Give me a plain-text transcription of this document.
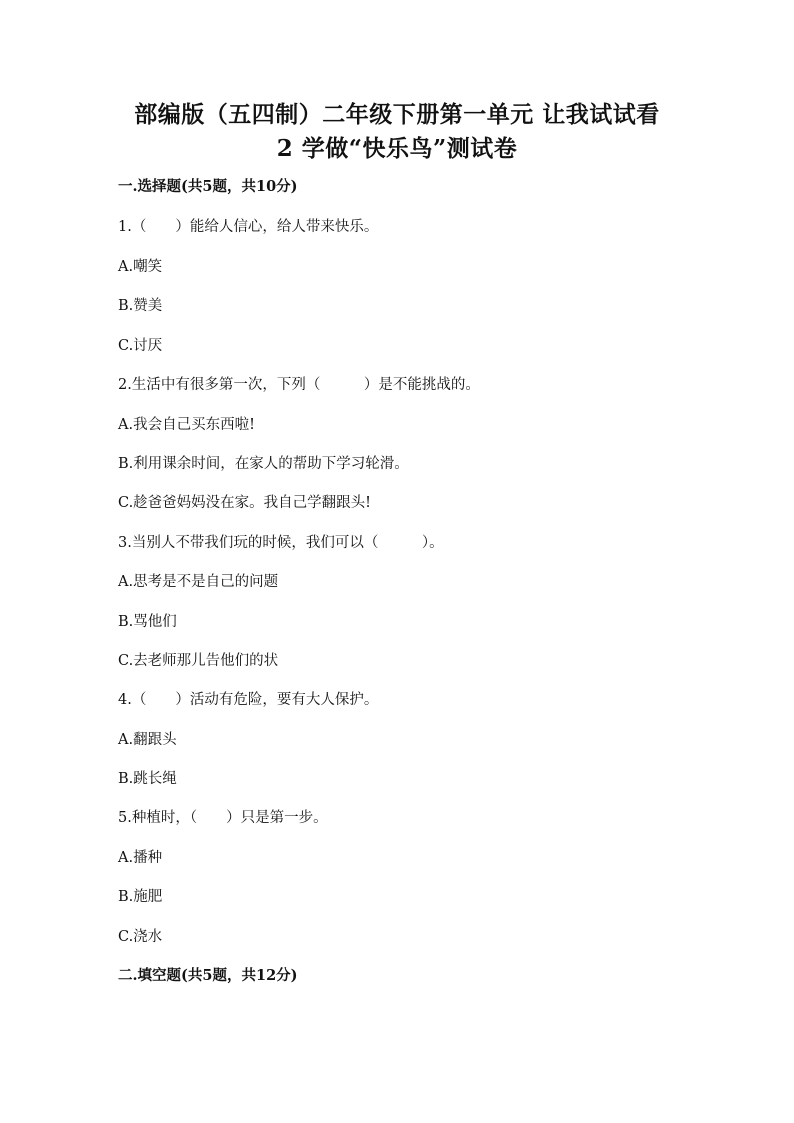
部编版（五四制）二年级下册第一单元 让我试试看
2 学做“快乐鸟”测试卷
一.选择题(共5题，共10分)
1.（　　）能给人信心，给人带来快乐。
A.嘲笑
B.赞美
C.讨厌
2.生活中有很多第一次，下列（　　　）是不能挑战的。
A.我会自己买东西啦!
B.利用课余时间，在家人的帮助下学习轮滑。
C.趁爸爸妈妈没在家。我自己学翻跟头!
3.当别人不带我们玩的时候，我们可以（　　　）。
A.思考是不是自己的问题
B.骂他们
C.去老师那儿告他们的状
4.（　　）活动有危险，要有大人保护。
A.翻跟头
B.跳长绳
5.种植时，（　　）只是第一步。
A.播种
B.施肥
C.浇水
二.填空题(共5题，共12分)
